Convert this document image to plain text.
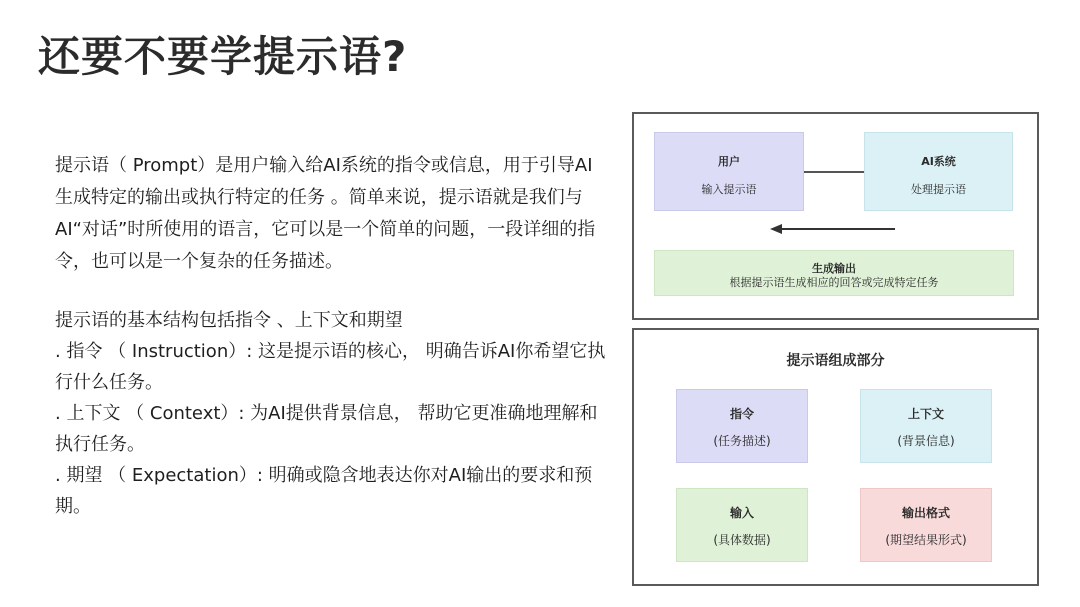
还要不要学提示语?
提示语（ Prompt）是用户输入给AI系统的指令或信息，用于引导AI生成特定的输出或执行特定的任务 。简单来说，提示语就是我们与AI“对话”时所使用的语言，它可以是一个简单的问题，一段详细的指令，也可以是一个复杂的任务描述。

提示语的基本结构包括指令 、上下文和期望

. 指令 （ Instruction）: 这是提示语的核心， 明确告诉AI你希望它执行什么任务。

. 上下文 （ Context）: 为AI提供背景信息， 帮助它更准确地理解和执行任务。

. 期望 （ Expectation）: 明确或隐含地表达你对AI输出的要求和预期。

用户
输入提示语
AI系统
处理提示语
生成输出
根据提示语生成相应的回答或完成特定任务
提示语组成部分
指令
(任务描述)
上下文
(背景信息)
输入
(具体数据)
输出格式
(期望结果形式)
